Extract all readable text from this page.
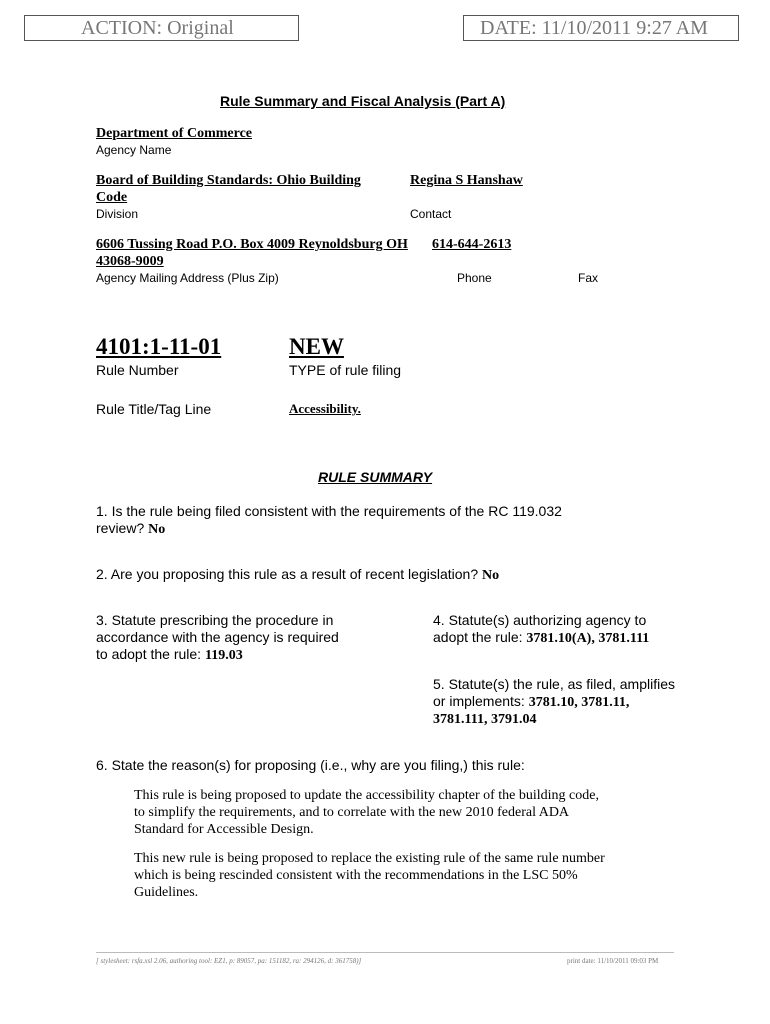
ACTION: Original	DATE: 11/10/2011 9:27 AM
Rule Summary and Fiscal Analysis (Part A)
Department of Commerce
Agency Name
Board of Building Standards: Ohio Building
Code
Regina S Hanshaw
Division	Contact
6606 Tussing Road P.O. Box 4009 Reynoldsburg OH 614-644-2613
43068-9009
Agency Mailing Address (Plus Zip)	Phone	Fax
4101:1-11-01	NEW
Rule Number	TYPE of rule filing
Rule Title/Tag Line	Accessibility.
RULE SUMMARY
1. Is the rule being filed consistent with the requirements of the RC 119.032
review? No
2. Are you proposing this rule as a result of recent legislation? No
3. Statute prescribing the procedure in
accordance with the agency is required
to adopt the rule: 119.03
4. Statute(s) authorizing agency to
adopt the rule: 3781.10(A), 3781.111
5. Statute(s) the rule, as filed, amplifies
or implements: 3781.10, 3781.11,
3781.111, 3791.04
6. State the reason(s) for proposing (i.e., why are you filing,) this rule:
This rule is being proposed to update the accessibility chapter of the building code,
to simplify the requirements, and to correlate with the new 2010 federal ADA
Standard for Accessible Design.
This new rule is being proposed to replace the existing rule of the same rule number
which is being rescinded consistent with the recommendations in the LSC 50%
Guidelines.
[ stylesheet: rsfa.xsl 2.06, authoring tool: EZ1, p: 89057, pa: 151182, ra: 294126, d: 361758)]	print date: 11/10/2011 09:03 PM
